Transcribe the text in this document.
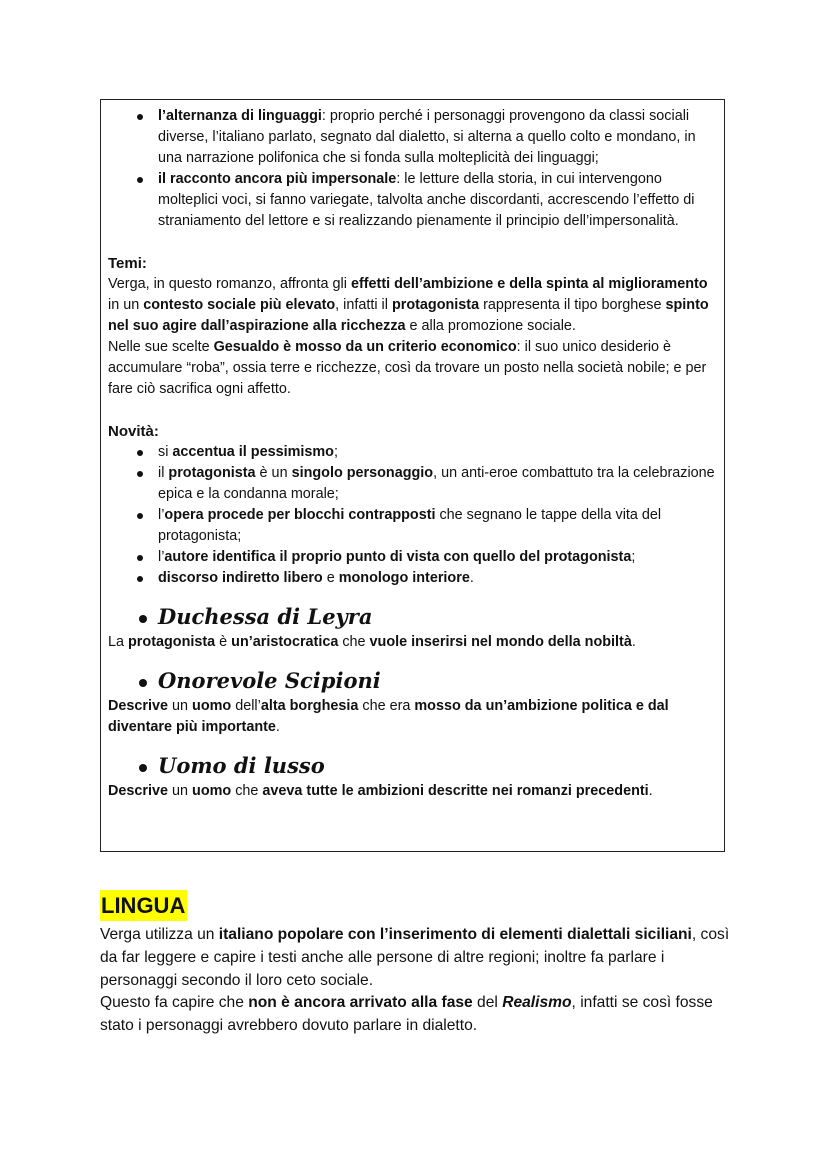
l’alternanza di linguaggi: proprio perché i personaggi provengono da classi sociali diverse, l’italiano parlato, segnato dal dialetto, si alterna a quello colto e mondano, in una narrazione polifonica che si fonda sulla molteplicità dei linguaggi;
il racconto ancora più impersonale: le letture della storia, in cui intervengono molteplici voci, si fanno variegate, talvolta anche discordanti, accrescendo l’effetto di straniamento del lettore e si realizzando pienamente il principio dell’impersonalità.

Temi:

Verga, in questo romanzo, affronta gli effetti dell’ambizione e della spinta al miglioramento in un contesto sociale più elevato, infatti il protagonista rappresenta il tipo borghese spinto nel suo agire dall’aspirazione alla ricchezza e alla promozione sociale.

Nelle sue scelte Gesualdo è mosso da un criterio economico: il suo unico desiderio è accumulare “roba”, ossia terre e ricchezze, così da trovare un posto nella società nobile; e per fare ciò sacrifica ogni affetto.

Novità:

si accentua il pessimismo;
il protagonista è un singolo personaggio, un anti-eroe combattuto tra la celebrazione epica e la condanna morale;
l’opera procede per blocchi contrapposti che segnano le tappe della vita del protagonista;
l’autore identifica il proprio punto di vista con quello del protagonista;
discorso indiretto libero e monologo interiore.

Duchessa di Leyra

La protagonista è un’aristocratica che vuole inserirsi nel mondo della nobiltà.

Onorevole Scipioni

Descrive un uomo dell’alta borghesia che era mosso da un’ambizione politica e dal diventare più importante.

Uomo di lusso

Descrive un uomo che aveva tutte le ambizioni descritte nei romanzi precedenti.

LINGUA

Verga utilizza un italiano popolare con l’inserimento di elementi dialettali siciliani, così da far leggere e capire i testi anche alle persone di altre regioni; inoltre fa parlare i personaggi secondo il loro ceto sociale.

Questo fa capire che non è ancora arrivato alla fase del Realismo, infatti se così fosse stato i personaggi avrebbero dovuto parlare in dialetto.
